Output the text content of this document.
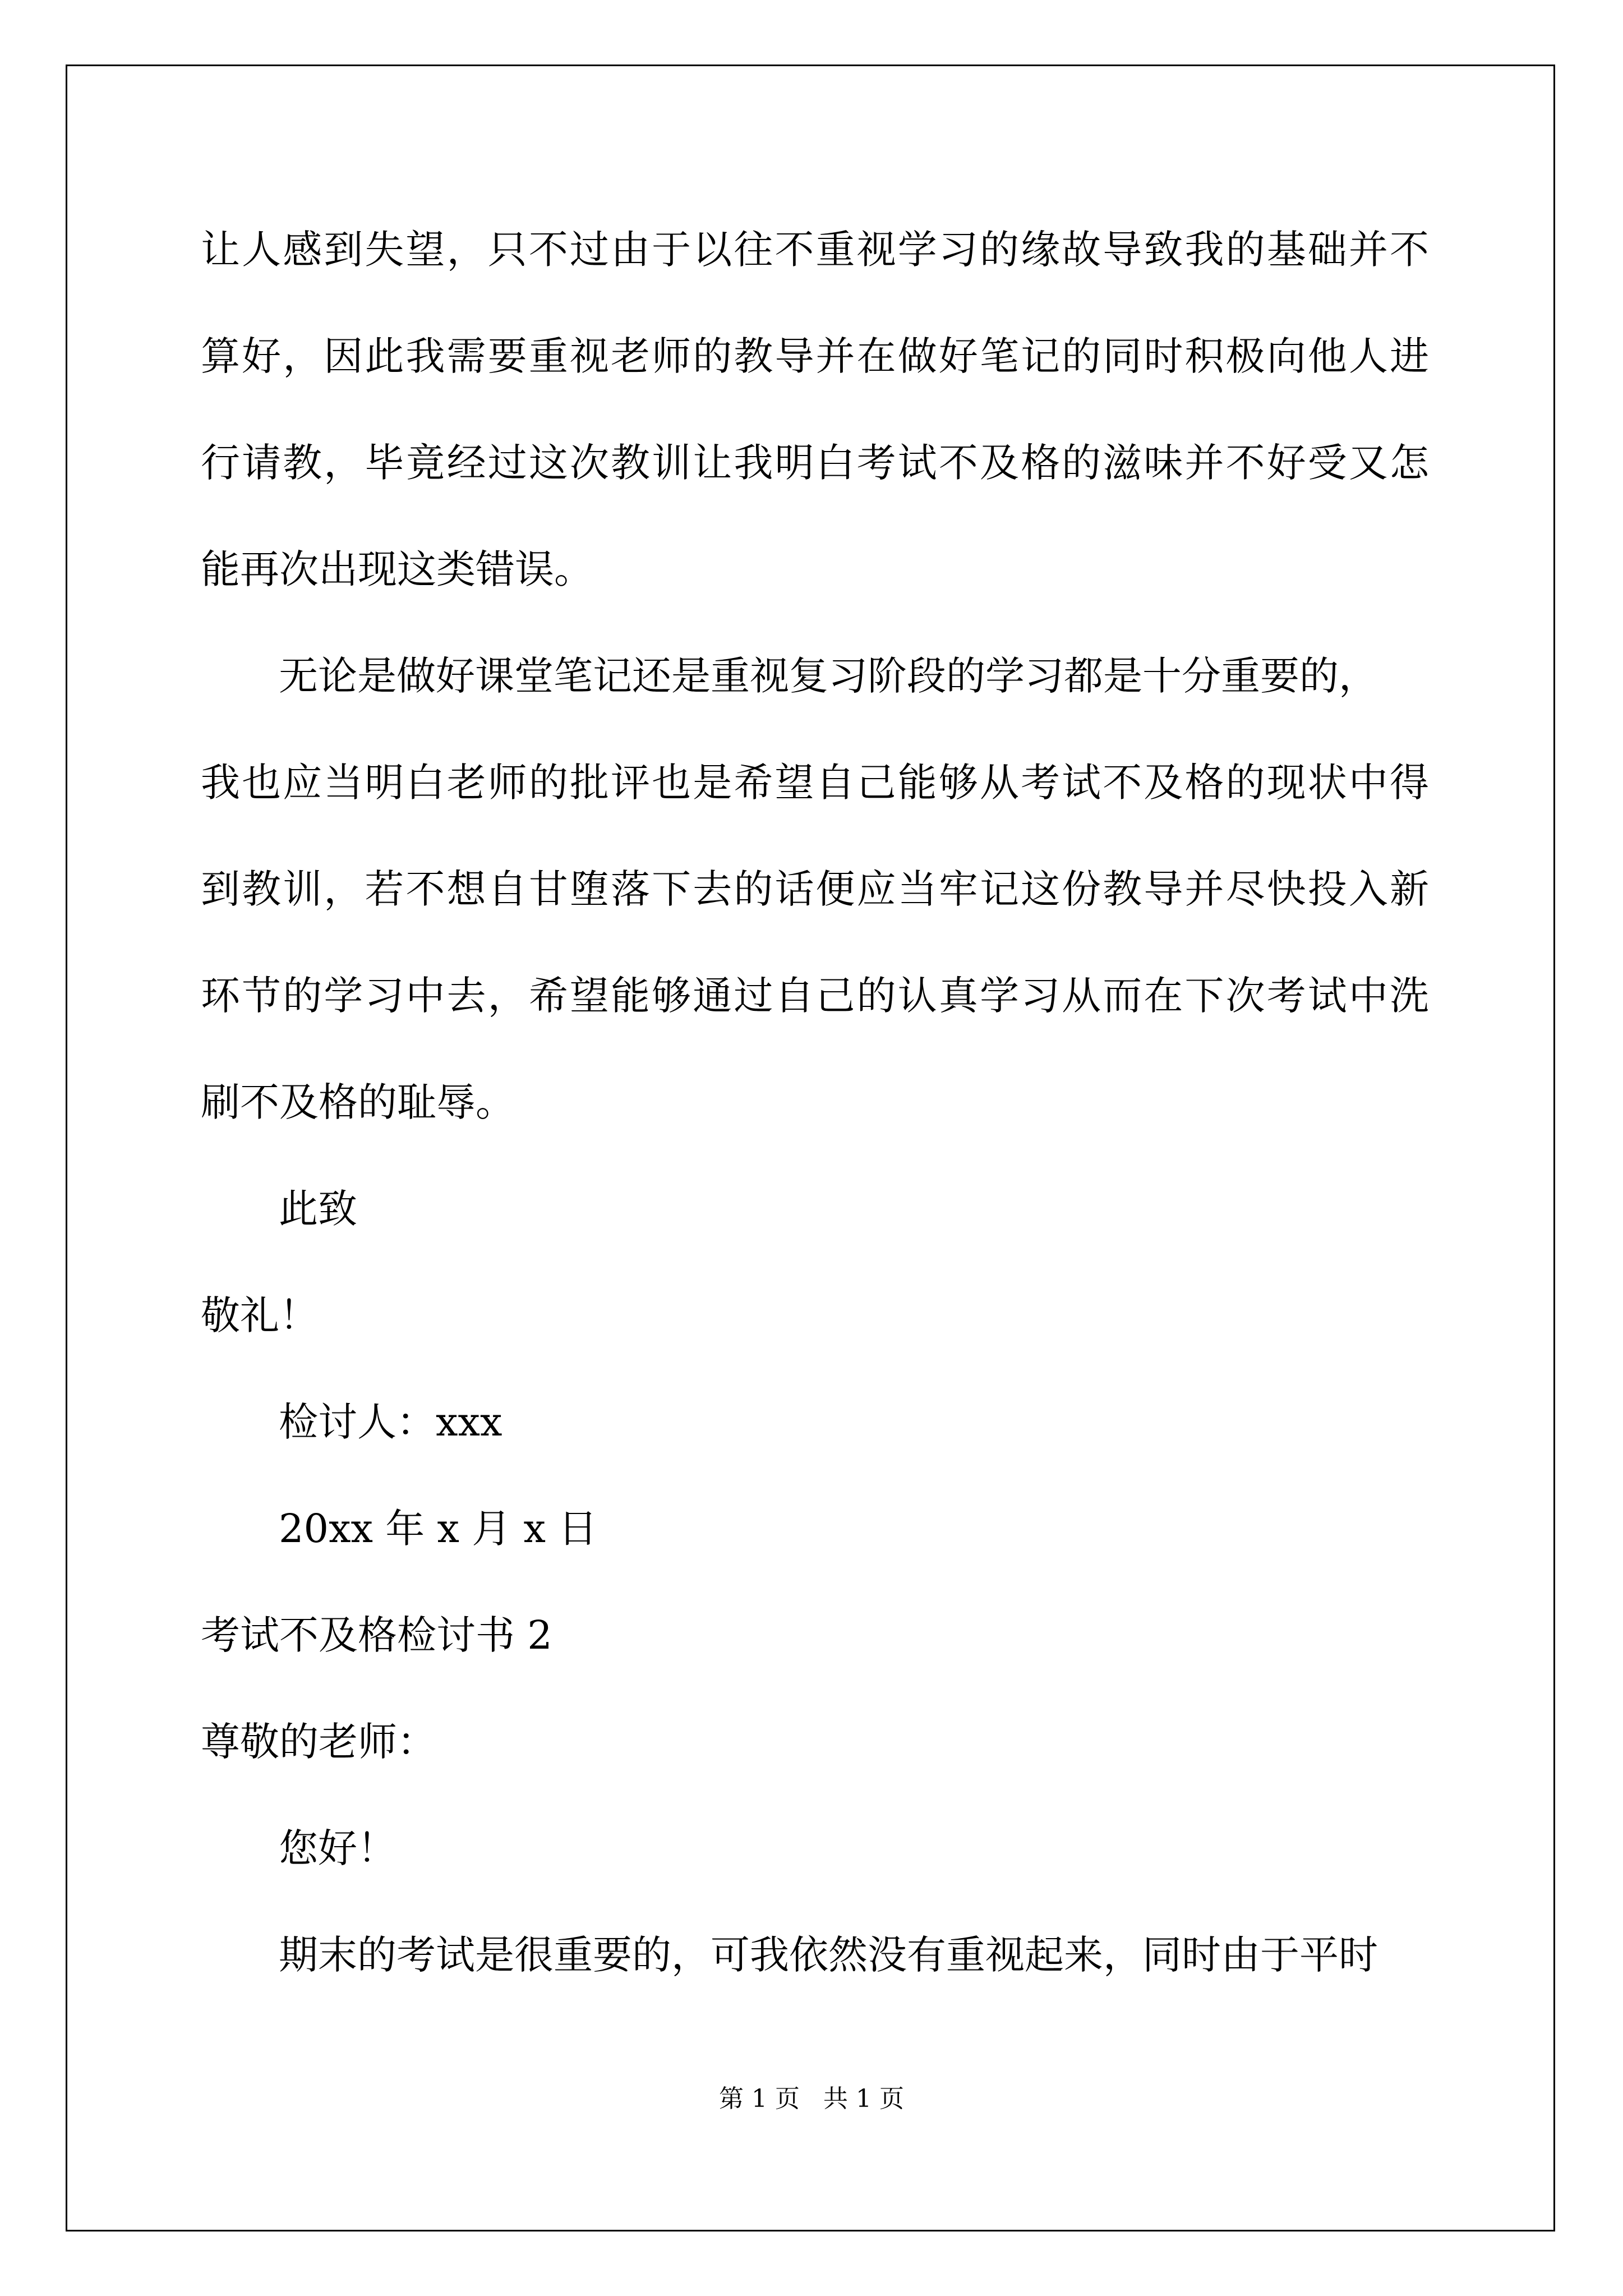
让人感到失望，只不过由于以往不重视学习的缘故导致我的基础并不
算好，因此我需要重视老师的教导并在做好笔记的同时积极向他人进
行请教，毕竟经过这次教训让我明白考试不及格的滋味并不好受又怎
能再次出现这类错误。
无论是做好课堂笔记还是重视复习阶段的学习都是十分重要的，
我也应当明白老师的批评也是希望自己能够从考试不及格的现状中得
到教训，若不想自甘堕落下去的话便应当牢记这份教导并尽快投入新
环节的学习中去，希望能够通过自己的认真学习从而在下次考试中洗
刷不及格的耻辱。
此致
敬礼！
检讨人：xxx
20xx 年 x 月 x 日
考试不及格检讨书 2
尊敬的老师：
您好！
期末的考试是很重要的，可我依然没有重视起来，同时由于平时
第 1 页   共 1 页
